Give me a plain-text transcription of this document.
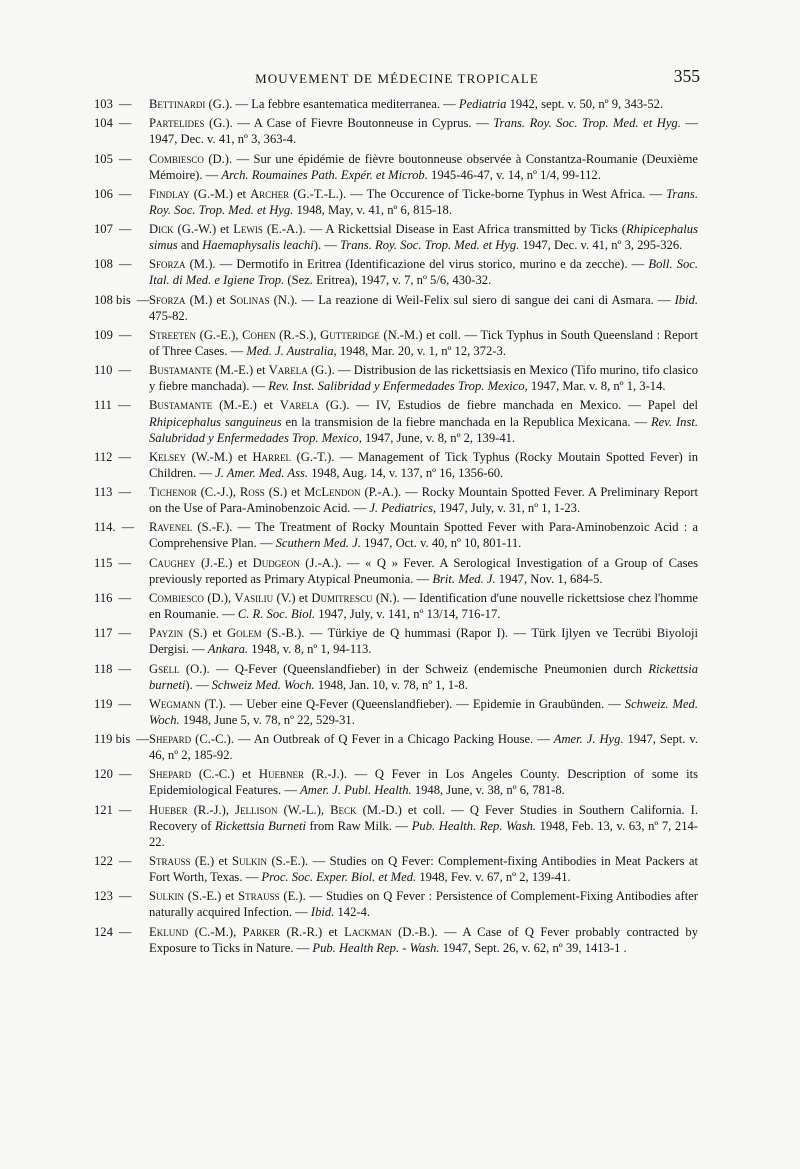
MOUVEMENT DE MÉDECINE TROPICALE	355
103 — Bettinardi (G.). — La febbre esantematica mediterranea. — Pediatria 1942, sept. v. 50, nº 9, 343-52.
104 — Partelides (G.). — A Case of Fievre Boutonneuse in Cyprus. — Trans. Roy. Soc. Trop. Med. et Hyg. — 1947, Dec. v. 41, nº 3, 363-4.
105 — Combiesco (D.). — Sur une épidémie de fièvre boutonneuse observée à Constantza-Roumanie (Deuxième Mémoire). — Arch. Roumaines Path. Expér. et Microb. 1945-46-47, v. 14, nº 1/4, 99-112.
106 — Findlay (G.-M.) et Archer (G.-T.-L.). — The Occurence of Ticke-borne Typhus in West Africa. — Trans. Roy. Soc. Trop. Med. et Hyg. 1948, May, v. 41, nº 6, 815-18.
107 — Dick (G.-W.) et Lewis (E.-A.). — A Rickettsial Disease in East Africa transmitted by Ticks (Rhipicephalus simus and Haemaphysalis leachi). — Trans. Roy. Soc. Trop. Med. et Hyg. 1947, Dec. v. 41, nº 3, 295-326.
108 — Sforza (M.). — Dermotifo in Eritrea (Identificazione del virus storico, murino e da zecche). — Boll. Soc. Ital. di Med. e Igiene Trop. (Sez. Eritrea), 1947, v. 7, nº 5/6, 430-32.
108 bis — Sforza (M.) et Solinas (N.). — La reazione di Weil-Felix sul siero di sangue dei cani di Asmara. — Ibid. 475-82.
109 — Streeten (G.-E.), Cohen (R.-S.), Gutteridge (N.-M.) et coll. — Tick Typhus in South Queensland : Report of Three Cases. — Med. J. Australia, 1948, Mar. 20, v. 1, nº 12, 372-3.
110 — Bustamante (M.-E.) et Varela (G.). — Distribusion de las rickettsiasis en Mexico (Tifo murino, tifo clasico y fiebre manchada). — Rev. Inst. Salibridad y Enfermedades Trop. Mexico, 1947, Mar. v. 8, nº 1, 3-14.
111 — Bustamante (M.-E.) et Varela (G.). — IV, Estudios de fiebre manchada en Mexico. — Papel del Rhipicephalus sanguineus en la transmision de la fiebre manchada en la Republica Mexicana. — Rev. Inst. Salubridad y Enfermedades Trop. Mexico, 1947, June, v. 8, nº 2, 139-41.
112 — Kelsey (W.-M.) et Harrel (G.-T.). — Management of Tick Typhus (Rocky Moutain Spotted Fever) in Children. — J. Amer. Med. Ass. 1948, Aug. 14, v. 137, nº 16, 1356-60.
113 — Tichenor (C.-J.), Ross (S.) et McLendon (P.-A.). — Rocky Mountain Spotted Fever. A Preliminary Report on the Use of Para-Aminobenzoic Acid. — J. Pediatrics, 1947, July, v. 31, nº 1, 1-23.
114. — Ravenel (S.-F.). — The Treatment of Rocky Mountain Spotted Fever with Para-Aminobenzoic Acid : a Comprehensive Plan. — Scuthern Med. J. 1947, Oct. v. 40, nº 10, 801-11.
115 — Caughey (J.-E.) et Dudgeon (J.-A.). — « Q » Fever. A Serological Investigation of a Group of Cases previously reported as Primary Atypical Pneumonia. — Brit. Med. J. 1947, Nov. 1, 684-5.
116 — Combiesco (D.), Vasiliu (V.) et Dumitrescu (N.). — Identification d'une nouvelle rickettsiose chez l'homme en Roumanie. — C. R. Soc. Biol. 1947, July, v. 141, nº 13/14, 716-17.
117 — Payzin (S.) et Golem (S.-B.). — Türkiye de Q hummasi (Rapor I). — Türk Ijlyen ve Tecrübi Biyoloji Dergisi. — Ankara. 1948, v. 8, nº 1, 94-113.
118 — Gsell (O.). — Q-Fever (Queenslandfieber) in der Schweiz (endemische Pneumonien durch Rickettsia burneti). — Schweiz Med. Woch. 1948, Jan. 10, v. 78, nº 1, 1-8.
119 — Wegmann (T.). — Ueber eine Q-Fever (Queenslandfieber). — Epidemie in Graubünden. — Schweiz. Med. Woch. 1948, June 5, v. 78, nº 22, 529-31.
119 bis — Shepard (C.-C.). — An Outbreak of Q Fever in a Chicago Packing House. — Amer. J. Hyg. 1947, Sept. v. 46, nº 2, 185-92.
120 — Shepard (C.-C.) et Huebner (R.-J.). — Q Fever in Los Angeles County. Description of some its Epidemiological Features. — Amer. J. Publ. Health. 1948, June, v. 38, nº 6, 781-8.
121 — Hueber (R.-J.), Jellison (W.-L.), Beck (M.-D.) et coll. — Q Fever Studies in Southern California. I. Recovery of Rickettsia Burneti from Raw Milk. — Pub. Health. Rep. Wash. 1948, Feb. 13, v. 63, nº 7, 214-22.
122 — Strauss (E.) et Sulkin (S.-E.). — Studies on Q Fever: Complement-fixing Antibodies in Meat Packers at Fort Worth, Texas. — Proc. Soc. Exper. Biol. et Med. 1948, Fev. v. 67, nº 2, 139-41.
123 — Sulkin (S.-E.) et Strauss (E.). — Studies on Q Fever : Persistence of Complement-Fixing Antibodies after naturally acquired Infection. — Ibid. 142-4.
124 — Eklund (C.-M.), Parker (R.-R.) et Lackman (D.-B.). — A Case of Q Fever probably contracted by Exposure to Ticks in Nature. — Pub. Health Rep. - Wash. 1947, Sept. 26, v. 62, nº 39, 1413-1 .
